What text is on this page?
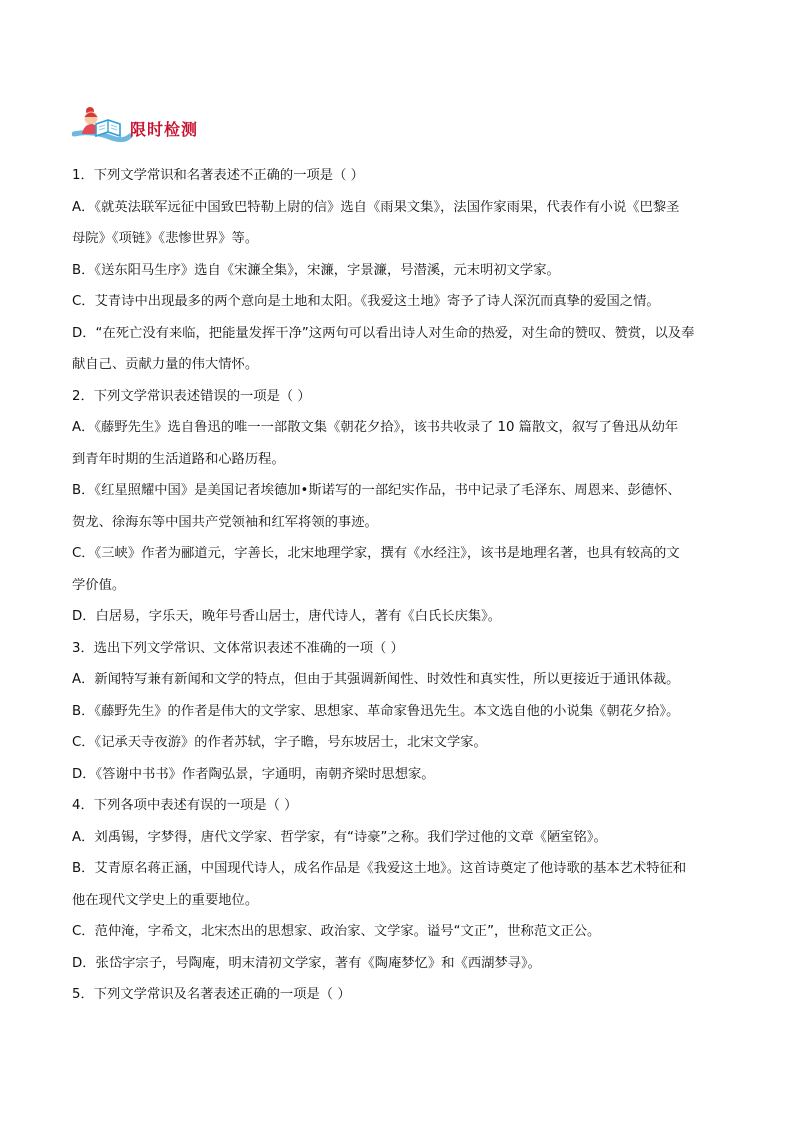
限时检测
1．下列文学常识和名著表述不正确的一项是（ ）
A．《就英法联军远征中国致巴特勒上尉的信》选自《雨果文集》，法国作家雨果，代表作有小说《巴黎圣
母院》《项链》《悲惨世界》等。
B．《送东阳马生序》选自《宋濂全集》，宋濂，字景濂，号潜溪，元末明初文学家。
C．艾青诗中出现最多的两个意向是土地和太阳。《我爱这土地》寄予了诗人深沉而真挚的爱国之情。
D．“在死亡没有来临，把能量发挥干净”这两句可以看出诗人对生命的热爱，对生命的赞叹、赞赏，以及奉
献自己、贡献力量的伟大情怀。
2．下列文学常识表述错误的一项是（ ）
A．《藤野先生》选自鲁迅的唯一一部散文集《朝花夕拾》，该书共收录了 10 篇散文，叙写了鲁迅从幼年
到青年时期的生活道路和心路历程。
B．《红星照耀中国》是美国记者埃德加•斯诺写的一部纪实作品，书中记录了毛泽东、周恩来、彭德怀、
贺龙、徐海东等中国共产党领袖和红军将领的事迹。
C．《三峡》作者为郦道元，字善长，北宋地理学家，撰有《水经注》，该书是地理名著，也具有较高的文
学价值。
D．白居易，字乐天，晚年号香山居士，唐代诗人，著有《白氏长庆集》。
3．选出下列文学常识、文体常识表述不准确的一项（ ）
A．新闻特写兼有新闻和文学的特点，但由于其强调新闻性、时效性和真实性，所以更接近于通讯体裁。
B．《藤野先生》的作者是伟大的文学家、思想家、革命家鲁迅先生。本文选自他的小说集《朝花夕拾》。
C．《记承天寺夜游》的作者苏轼，字子瞻，号东坡居士，北宋文学家。
D．《答谢中书书》作者陶弘景，字通明，南朝齐梁时思想家。
4．下列各项中表述有误的一项是（ ）
A．刘禹锡，字梦得，唐代文学家、哲学家，有“诗豪”之称。我们学过他的文章《陋室铭》。
B．艾青原名蒋正涵，中国现代诗人，成名作品是《我爱这土地》。这首诗奠定了他诗歌的基本艺术特征和
他在现代文学史上的重要地位。
C．范仲淹，字希文，北宋杰出的思想家、政治家、文学家。谥号“文正”，世称范文正公。
D．张岱字宗子，号陶庵，明末清初文学家，著有《陶庵梦忆》和《西湖梦寻》。
5．下列文学常识及名著表述正确的一项是（ ）
